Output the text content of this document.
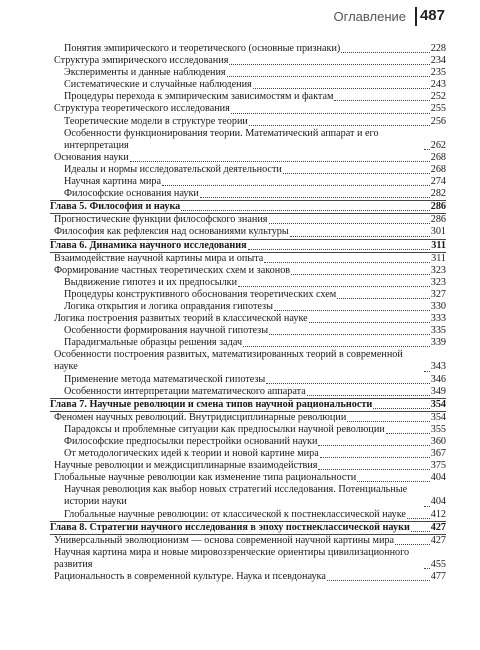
Оглавление 487
Понятия эмпирического и теоретического (основные признаки)	228
Структура эмпирического исследования	234
Эксперименты и данные наблюдения	235
Систематические и случайные наблюдения	243
Процедуры перехода к эмпирическим зависимостям и фактам	252
Структура теоретического исследования	255
Теоретические модели в структуре теории	256
Особенности функционирования теории. Математический аппарат и его интерпретация	262
Основания науки	268
Идеалы и нормы исследовательской деятельности	268
Научная картина мира	274
Философские основания науки	282
Глава 5. Философия и наука	286
Прогностические функции философского знания	286
Философия как рефлексия над основаниями культуры	301
Глава 6. Динамика научного исследования	311
Взаимодействие научной картины мира и опыта	311
Формирование частных теоретических схем и законов	323
Выдвижение гипотез и их предпосылки	323
Процедуры конструктивного обоснования теоретических схем	327
Логика открытия и логика оправдания гипотезы	330
Логика построения развитых теорий в классической науке	333
Особенности формирования научной гипотезы	335
Парадигмальные образцы решения задач	339
Особенности построения развитых, математизированных теорий в современной науке	343
Применение метода математической гипотезы	346
Особенности интерпретации математического аппарата	349
Глава 7. Научные революции и смена типов научной рациональности	354
Феномен научных революций. Внутридисциплинарные революции	354
Парадоксы и проблемные ситуации как предпосылки научной революции	355
Философские предпосылки перестройки оснований науки	360
От методологических идей к теории и новой картине мира	367
Научные революции и междисциплинарные взаимодействия	375
Глобальные научные революции как изменение типа рациональности	404
Научная революция как выбор новых стратегий исследования. Потенциальные истории науки	404
Глобальные научные революции: от классической к постнеклассической науке 412
Глава 8. Стратегии научного исследования в эпоху постнеклассической науки 427
Универсальный эволюционизм — основа современной научной картины мира	427
Научная картина мира и новые мировоззренческие ориентиры цивилизационного развития	455
Рациональность в современной культуре. Наука и псевдонаука	477
